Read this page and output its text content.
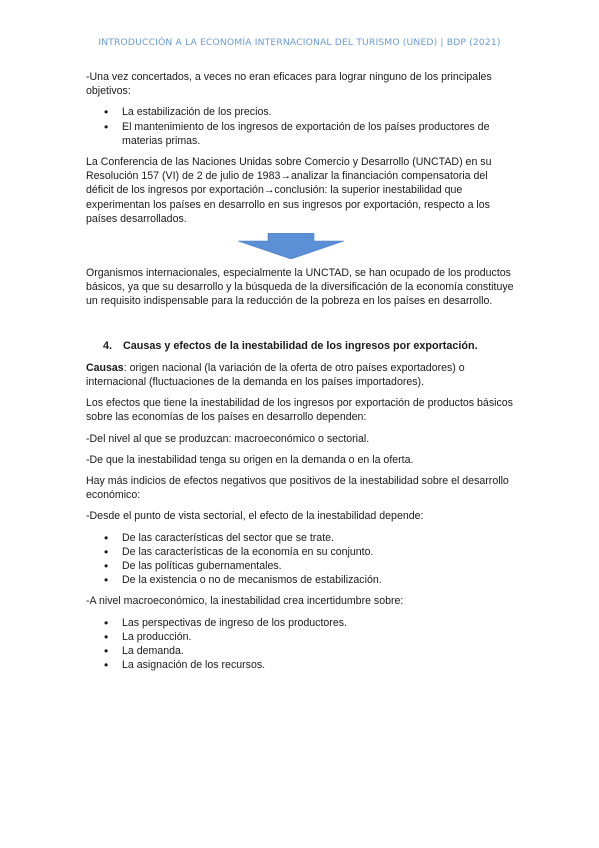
INTRODUCCIÓN A LA ECONOMÍA INTERNACIONAL DEL TURISMO (UNED) | BDP (2021)

-Una vez concertados, a veces no eran eficaces para lograr ninguno de los principales objetivos:

• La estabilización de los precios.
• El mantenimiento de los ingresos de exportación de los países productores de materias primas.

La Conferencia de las Naciones Unidas sobre Comercio y Desarrollo (UNCTAD) en su Resolución 157 (VI) de 2 de julio de 1983→analizar la financiación compensatoria del déficit de los ingresos por exportación→conclusión: la superior inestabilidad que experimentan los países en desarrollo en sus ingresos por exportación, respecto a los países desarrollados.

Organismos internacionales, especialmente la UNCTAD, se han ocupado de los productos básicos, ya que su desarrollo y la búsqueda de la diversificación de la economía constituye un requisito indispensable para la reducción de la pobreza en los países en desarrollo.

4. Causas y efectos de la inestabilidad de los ingresos por exportación.

Causas: origen nacional (la variación de la oferta de otro países exportadores) o internacional (fluctuaciones de la demanda en los países importadores).

Los efectos que tiene la inestabilidad de los ingresos por exportación de productos básicos sobre las economías de los países en desarrollo dependen:

-Del nivel al que se produzcan: macroeconómico o sectorial.

-De que la inestabilidad tenga su origen en la demanda o en la oferta.

Hay más indicios de efectos negativos que positivos de la inestabilidad sobre el desarrollo económico:

-Desde el punto de vista sectorial, el efecto de la inestabilidad depende:

• De las características del sector que se trate.
• De las características de la economía en su conjunto.
• De las políticas gubernamentales.
• De la existencia o no de mecanismos de estabilización.

-A nivel macroeconómico, la inestabilidad crea incertidumbre sobre:

• Las perspectivas de ingreso de los productores.
• La producción.
• La demanda.
• La asignación de los recursos.
